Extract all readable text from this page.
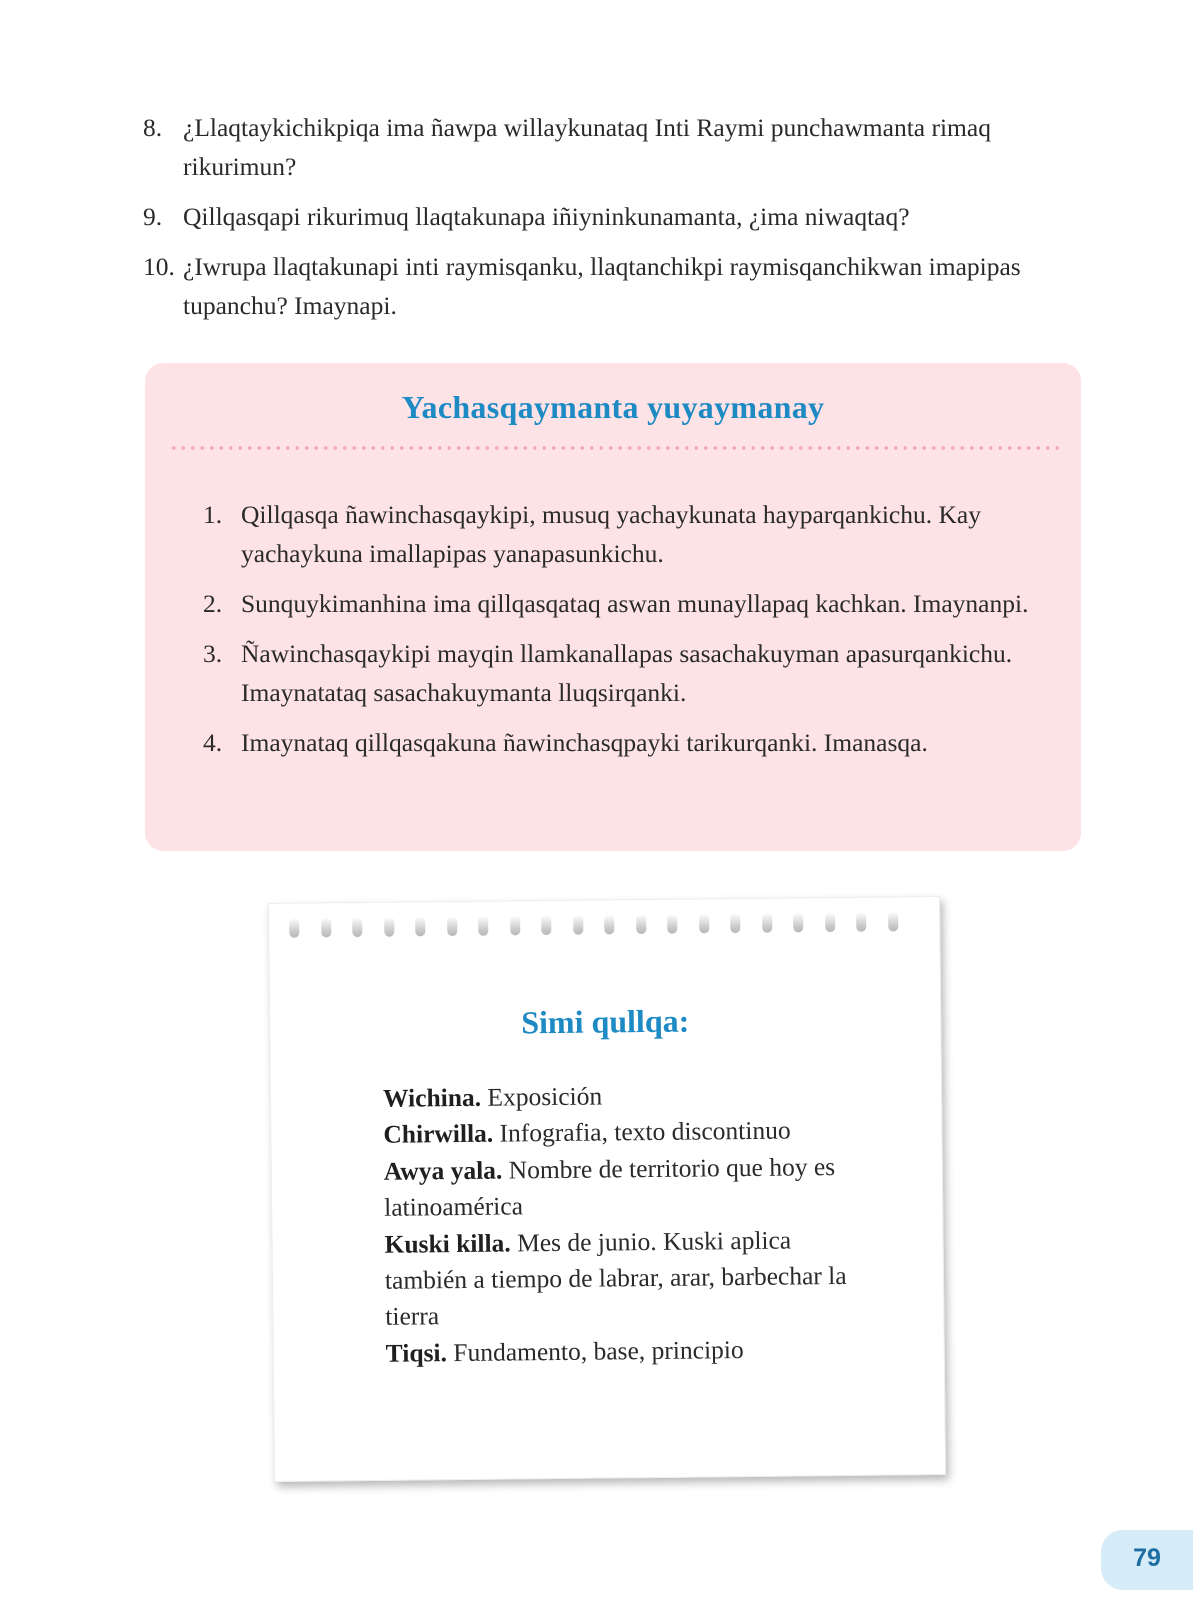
8. ¿Llaqtaykichikpiqa ima ñawpa willaykunataq Inti Raymi punchawmanta rimaq rikurimun?
9. Qillqasqapi rikurimuq llaqtakunapa iñiyninkunamanta, ¿ima niwaqtaq?
10. ¿Iwrupa llaqtakunapi inti raymisqanku, llaqtanchikpi raymisqanchikwan imapipas tupanchu? Imaynapi.
Yachasqaymanta yuyaymanay
1. Qillqasqa ñawinchasqaykipi, musuq yachaykunata hayparqankichu. Kay yachaykuna imallapipas yanapasunkichu.
2. Sunquykimanhina ima qillqasqataq aswan munayllapaq kachkan. Imaynanpi.
3. Ñawinchasqaykipi mayqin llamkanallapas sasachakuyman apasurqankichu. Imaynatataq sasachakuymanta lluqsirqanki.
4. Imaynataq qillqasqakuna ñawinchasqpayki tarikurqanki. Imanasqa.
Simi qullqa:

Wichina. Exposición

Chirwilla. Infografia, texto discontinuo

Awya yala. Nombre de territorio que hoy es latinoamérica

Kuski killa. Mes de junio. Kuski aplica también a tiempo de labrar, arar, barbechar la tierra

Tiqsi. Fundamento, base, principio

79
